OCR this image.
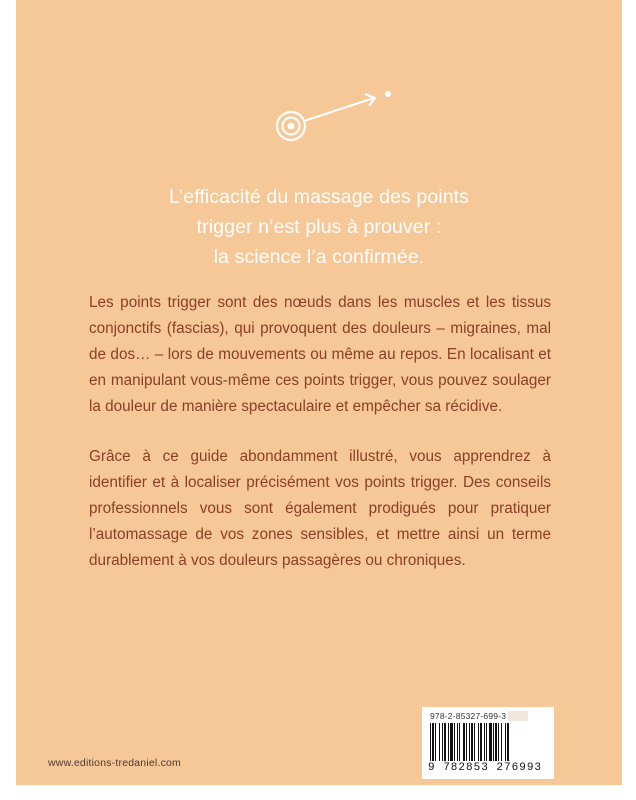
L’efficacité du massage des points
trigger n’est plus à prouver :
la science l’a confirmée.

Les points trigger sont des nœuds dans les muscles et les tissus conjonctifs (fascias), qui provoquent des douleurs – migraines, mal de dos… – lors de mouvements ou même au repos. En localisant et en manipulant vous-même ces points trigger, vous pouvez soulager la douleur de manière spectaculaire et empêcher sa récidive.

Grâce à ce guide abondamment illustré, vous apprendrez à identifier et à localiser précisément vos points trigger. Des conseils professionnels vous sont également prodigués pour pratiquer l’automassage de vos zones sensibles, et mettre ainsi un terme durablement à vos douleurs passagères ou chroniques.

www.editions-tredaniel.com
978-2-85327-699-3
9 782853 276993
